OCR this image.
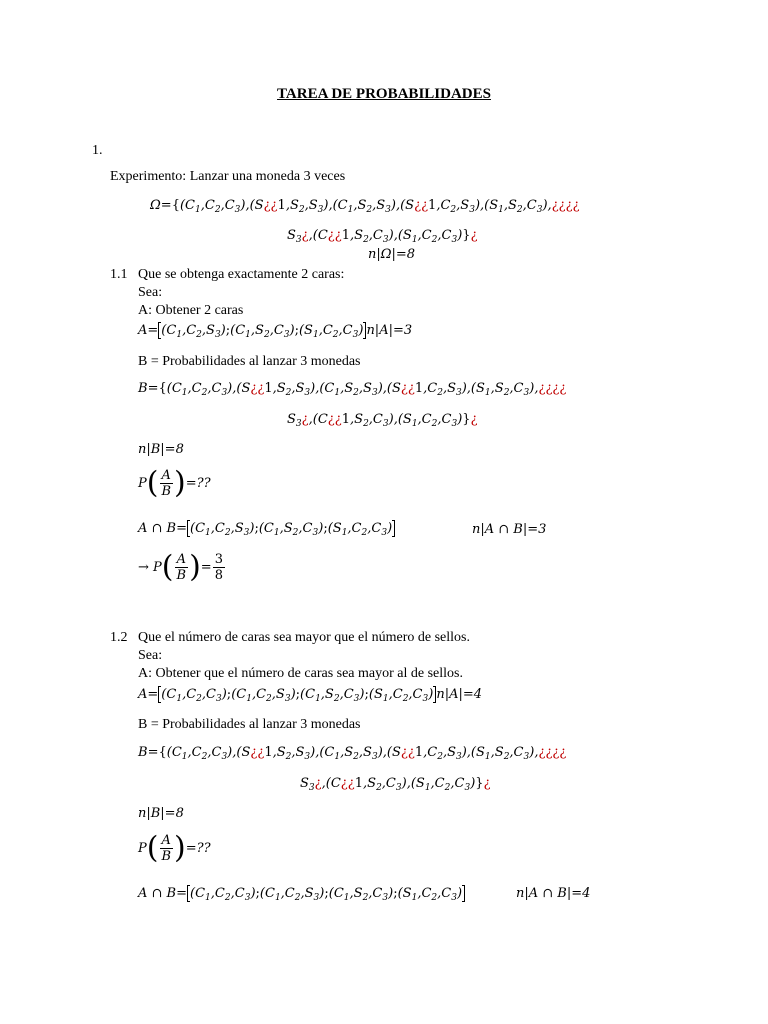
TAREA DE PROBABILIDADES
1.
Experimento: Lanzar una moneda 3 veces
$\Omega=\{(C_1,C_2,C_3),(S¿¿1,S_2,S_3),(C_1,S_2,S_3),(S¿¿1,C_2,S_3),(S_1,S_2,C_3),¿¿¿¿$
$S_3¿,(C¿¿1,S_2,C_3),(S_1,C_2,C_3)\}¿$
n|Ω|=8
1.1 Que se obtenga exactamente 2 caras:
Sea:
A: Obtener 2 caras
$A= (C_1,C_2,S_3);(C_1,S_2,C_3);(S_1,C_2,C_3)$ n|A|=3
B = Probabilidades al lanzar 3 monedas
$B=\{(C_1,C_2,C_3),(S¿¿1,S_2,S_3),(C_1,S_2,S_3),(S¿¿1,C_2,S_3),(S_1,S_2,C_3),¿¿¿¿$
$S_3¿,(C¿¿1,S_2,C_3),(S_1,C_2,C_3)\}¿$
n|B|=8
$P( \frac{A}{B}$ )=??
A ∩ $B= (C_1,C_2,S_3);(C_1,S_2,C_3);(S_1,C_2,C_3)$	n|A ∩ B|=3
→ $P( \frac{A}{B}$ )= $\frac{3}{8}$
1.2 Que el número de caras sea mayor que el número de sellos.
Sea:
A: Obtener que el número de caras sea mayor al de sellos.
$A= (C_1,C_2,C_3);(C_1,C_2,S_3);(C_1,S_2,C_3);(S_1,C_2,C_3)$ n|A|=4
B = Probabilidades al lanzar 3 monedas
$B=\{(C_1,C_2,C_3),(S¿¿1,S_2,S_3),(C_1,S_2,S_3),(S¿¿1,C_2,S_3),(S_1,S_2,C_3),¿¿¿¿$
$S_3¿,(C¿¿1,S_2,C_3),(S_1,C_2,C_3)\}¿$
n|B|=8
$P( \frac{A}{B}$ )=??
A ∩ $B= (C_1,C_2,C_3);(C_1,C_2,S_3);(C_1,S_2,C_3);(S_1,C_2,C_3)$	n|A ∩ B|=4
